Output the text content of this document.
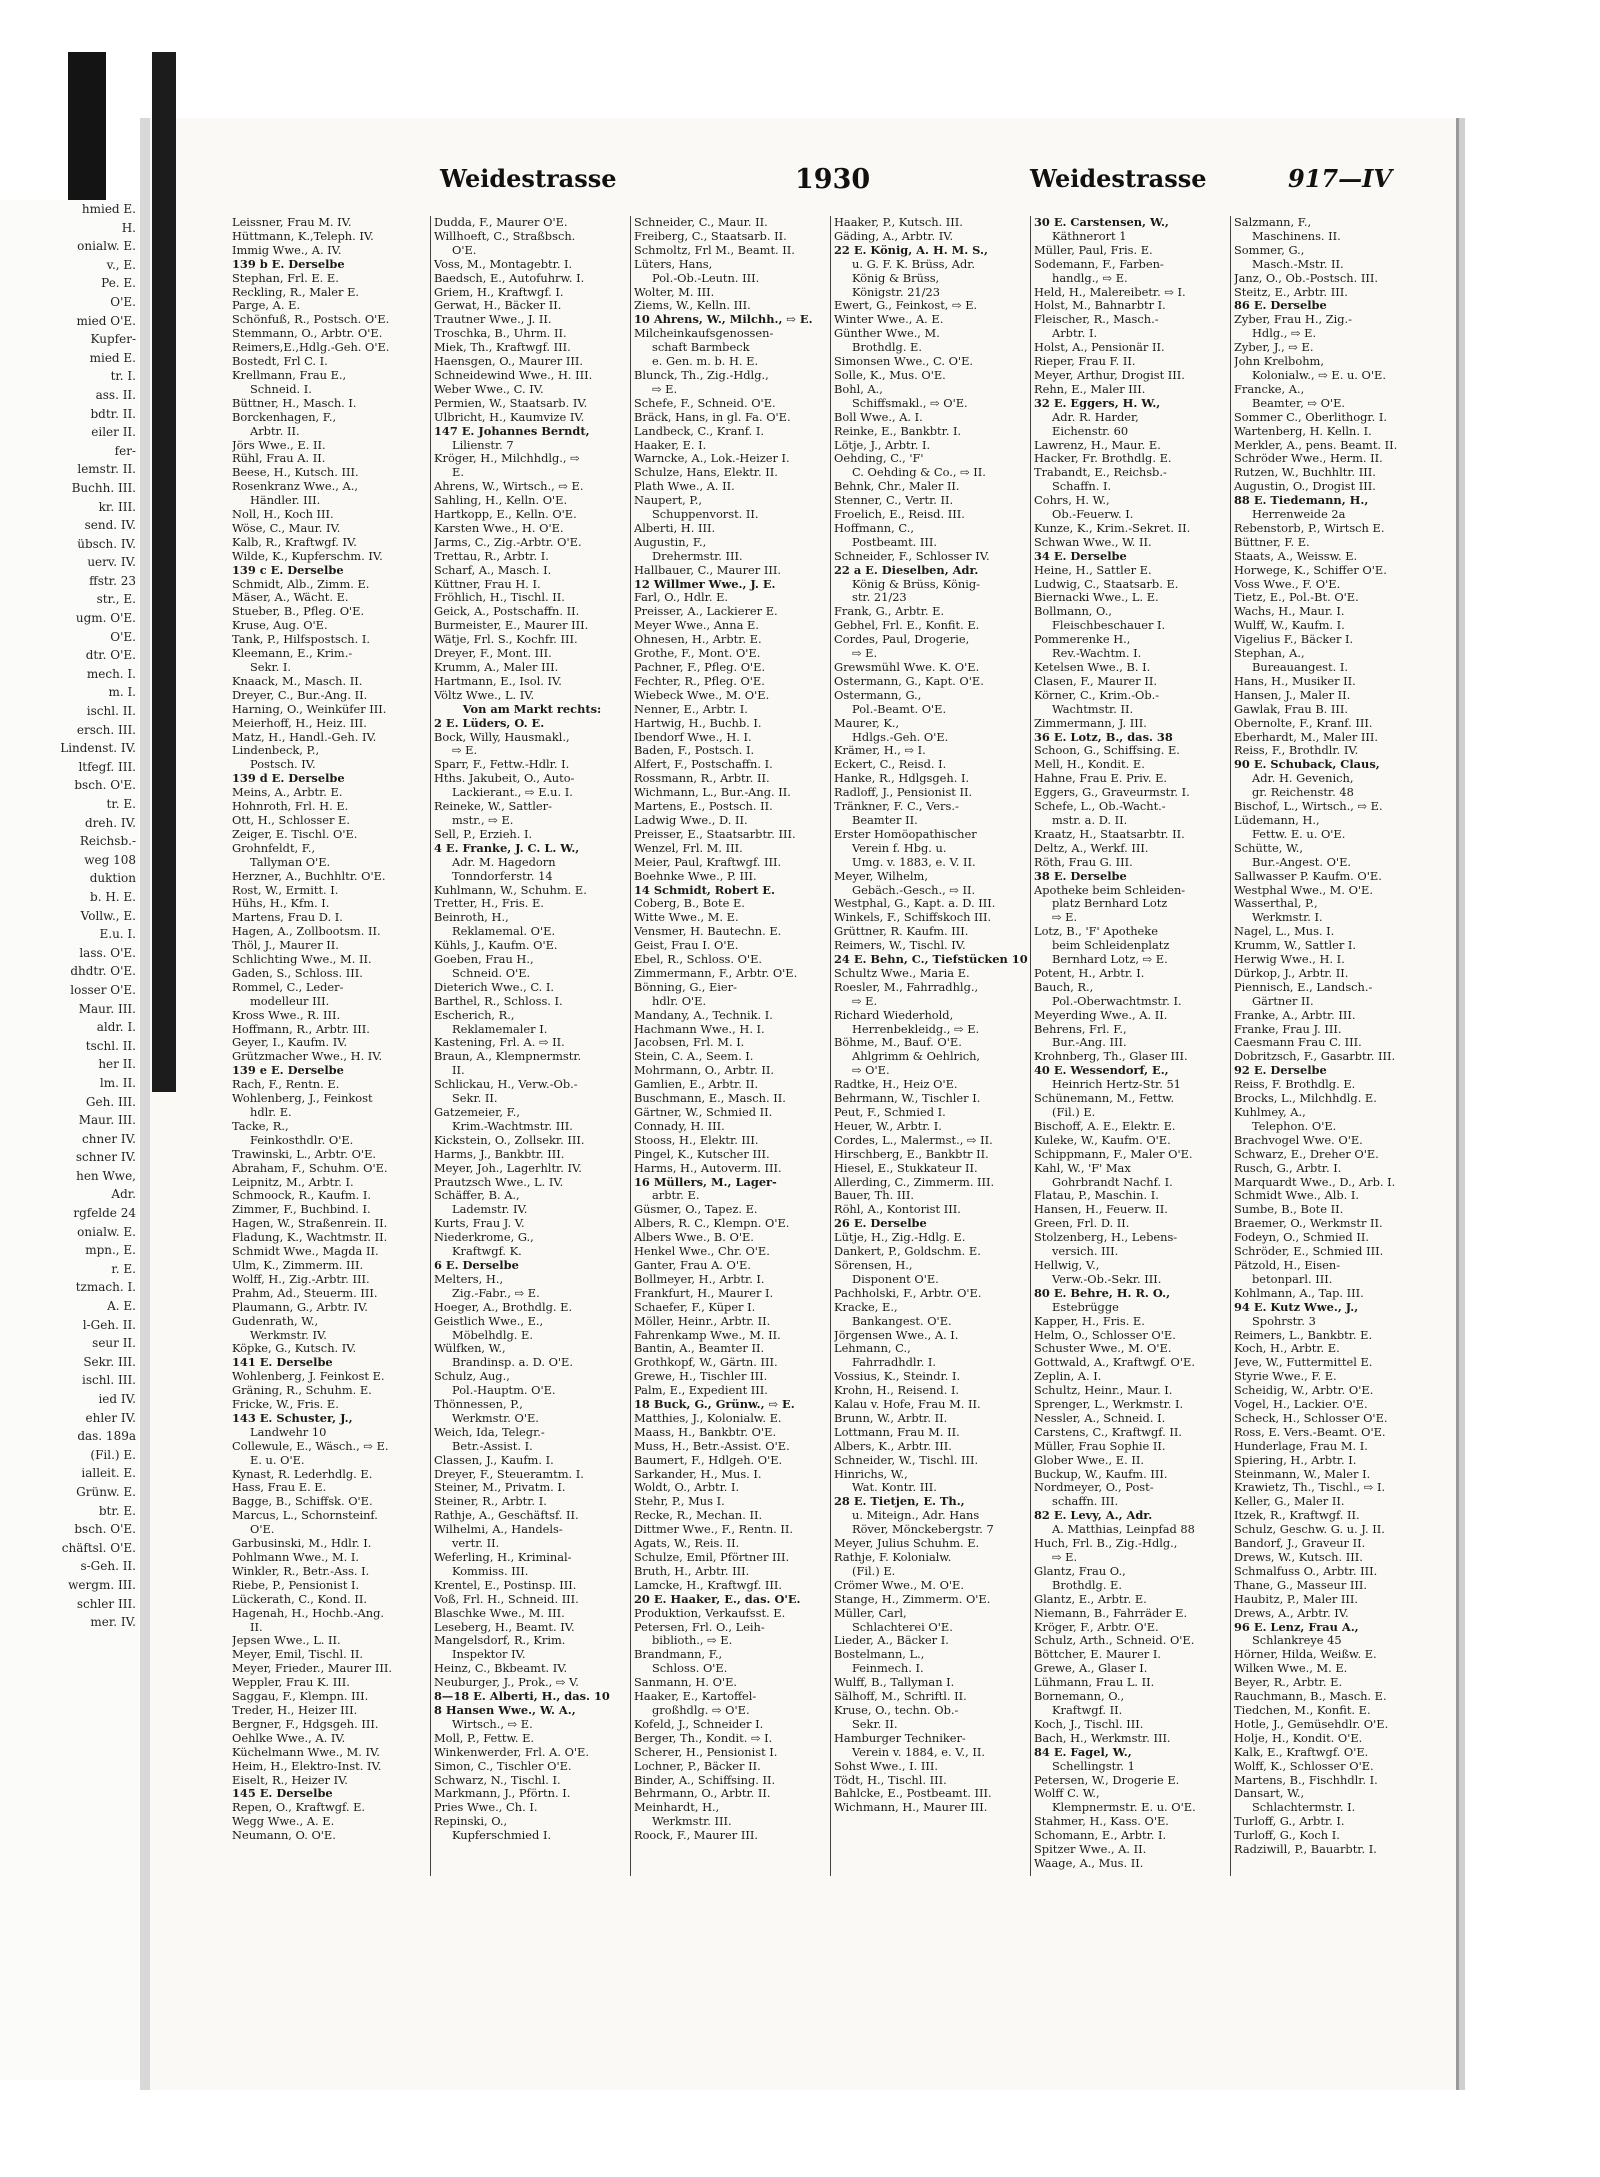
hmied E.
H.
onialw. E.
v., E.
Pe. E.
O'E.
mied O'E.
Kupfer-
mied E.
tr. I.
ass. II.
bdtr. II.
eiler II.
fer-
lemstr. II.
Buchh. III.
kr. III.
send. IV.
übsch. IV.
uerv. IV.
ffstr. 23
str., E.
ugm. O'E.
O'E.
dtr. O'E.
mech. I.
m. I.
ischl. II.
ersch. III.
Lindenst. IV.
ltfegf. III.
bsch. O'E.
tr. E.
dreh. IV.
Reichsb.-
weg 108
duktion
b. H. E.
Vollw., E.
E.u. I.
lass. O'E.
dhdtr. O'E.
losser O'E.
Maur. III.
aldr. I.
tschl. II.
her II.
lm. II.
Geh. III.
Maur. III.
chner IV.
schner IV.
hen Wwe,
Adr.
rgfelde 24
onialw. E.
mpn., E.
r. E.
tzmach. I.
A. E.
l-Geh. II.
seur II.
Sekr. III.
ischl. III.
ied IV.
ehler IV.
das. 189a
(Fil.) E.
ialleit. E.
Grünw. E.
btr. E.
bsch. O'E.
chäftsl. O'E.
s-Geh. II.
wergm. III.
schler III.
mer. IV.
Weidestrasse	1930	Weidestrasse	917—IV
Leissner, Frau M. IV.
Hüttmann, K.,Teleph. IV.
Immig Wwe., A. IV.
139 b E. Derselbe
Stephan, Frl. E. E.
Reckling, R., Maler E.
Parge, A. E.
Schönfuß, R., Postsch. O'E.
Stemmann, O., Arbtr. O'E.
Reimers,E.,Hdlg.-Geh. O'E.
Bostedt, Frl C. I.
Krellmann, Frau E.,
Schneid. I.
Büttner, H., Masch. I.
Borckenhagen, F.,
Arbtr. II.
Jörs Wwe., E. II.
Rühl, Frau A. II.
Beese, H., Kutsch. III.
Rosenkranz Wwe., A.,
Händler. III.
Noll, H., Koch III.
Wöse, C., Maur. IV.
Kalb, R., Kraftwgf. IV.
Wilde, K., Kupferschm. IV.
139 c E. Derselbe
Schmidt, Alb., Zimm. E.
Mäser, A., Wächt. E.
Stueber, B., Pfleg. O'E.
Kruse, Aug. O'E.
Tank, P., Hilfspostsch. I.
Kleemann, E., Krim.-
Sekr. I.
Knaack, M., Masch. II.
Dreyer, C., Bur.-Ang. II.
Harning, O., Weinküfer III.
Meierhoff, H., Heiz. III.
Matz, H., Handl.-Geh. IV.
Lindenbeck, P.,
Postsch. IV.
139 d E. Derselbe
Meins, A., Arbtr. E.
Hohnroth, Frl. H. E.
Ott, H., Schlosser E.
Zeiger, E. Tischl. O'E.
Grohnfeldt, F.,
Tallyman O'E.
Herzner, A., Buchhltr. O'E.
Rost, W., Ermitt. I.
Hühs, H., Kfm. I.
Martens, Frau D. I.
Hagen, A., Zollbootsm. II.
Thöl, J., Maurer II.
Schlichting Wwe., M. II.
Gaden, S., Schloss. III.
Rommel, C., Leder-
modelleur III.
Kross Wwe., R. III.
Hoffmann, R., Arbtr. III.
Geyer, I., Kaufm. IV.
Grützmacher Wwe., H. IV.
139 e E. Derselbe
Rach, F., Rentn. E.
Wohlenberg, J., Feinkost
hdlr. E.
Tacke, R.,
Feinkosthdlr. O'E.
Trawinski, L., Arbtr. O'E.
Abraham, F., Schuhm. O'E.
Leipnitz, M., Arbtr. I.
Schmoock, R., Kaufm. I.
Zimmer, F., Buchbind. I.
Hagen, W., Straßenrein. II.
Fladung, K., Wachtmstr. II.
Schmidt Wwe., Magda II.
Ulm, K., Zimmerm. III.
Wolff, H., Zig.-Arbtr. III.
Prahm, Ad., Steuerm. III.
Plaumann, G., Arbtr. IV.
Gudenrath, W.,
Werkmstr. IV.
Köpke, G., Kutsch. IV.
141 E. Derselbe
Wohlenberg, J. Feinkost E.
Gräning, R., Schuhm. E.
Fricke, W., Fris. E.
143 E. Schuster, J.,
Landwehr 10
Collewule, E., Wäsch., ⇨ E.
E. u. O'E.
Kynast, R. Lederhdlg. E.
Hass, Frau E. E.
Bagge, B., Schiffsk. O'E.
Marcus, L., Schornsteinf.
O'E.
Garbusinski, M., Hdlr. I.
Pohlmann Wwe., M. I.
Winkler, R., Betr.-Ass. I.
Riebe, P., Pensionist I.
Lückerath, C., Kond. II.
Hagenah, H., Hochb.-Ang.
II.
Jepsen Wwe., L. II.
Meyer, Emil, Tischl. II.
Meyer, Frieder., Maurer III.
Weppler, Frau K. III.
Saggau, F., Klempn. III.
Treder, H., Heizer III.
Bergner, F., Hdgsgeh. III.
Oehlke Wwe., A. IV.
Küchelmann Wwe., M. IV.
Heim, H., Elektro-Inst. IV.
Eiselt, R., Heizer IV.
145 E. Derselbe
Repen, O., Kraftwgf. E.
Wegg Wwe., A. E.
Neumann, O. O'E.
Dudda, F., Maurer O'E.
Willhoeft, C., Straßbsch.
O'E.
Voss, M., Montagebtr. I.
Baedsch, E., Autofuhrw. I.
Griem, H., Kraftwgf. I.
Gerwat, H., Bäcker II.
Trautner Wwe., J. II.
Troschka, B., Uhrm. II.
Miek, Th., Kraftwgf. III.
Haensgen, O., Maurer III.
Schneidewind Wwe., H. III.
Weber Wwe., C. IV.
Permien, W., Staatsarb. IV.
Ulbricht, H., Kaumvize IV.
147 E. Johannes Berndt,
Lilienstr. 7
Kröger, H., Milchhdlg., ⇨
E.
Ahrens, W., Wirtsch., ⇨ E.
Sahling, H., Kelln. O'E.
Hartkopp, E., Kelln. O'E.
Karsten Wwe., H. O'E.
Jarms, C., Zig.-Arbtr. O'E.
Trettau, R., Arbtr. I.
Scharf, A., Masch. I.
Küttner, Frau H. I.
Fröhlich, H., Tischl. II.
Geick, A., Postschaffn. II.
Burmeister, E., Maurer III.
Wätje, Frl. S., Kochfr. III.
Dreyer, F., Mont. III.
Krumm, A., Maler III.
Hartmann, E., Isol. IV.
Völtz Wwe., L. IV.
Von am Markt rechts:
2 E. Lüders, O. E.
Bock, Willy, Hausmakl.,
⇨ E.
Sparr, F., Fettw.-Hdlr. I.
Hths. Jakubeit, O., Auto-
Lackierant., ⇨ E.u. I.
Reineke, W., Sattler-
mstr., ⇨ E.
Sell, P., Erzieh. I.
4 E. Franke, J. C. L. W.,
Adr. M. Hagedorn
Tonndorferstr. 14
Kuhlmann, W., Schuhm. E.
Tretter, H., Fris. E.
Beinroth, H.,
Reklamemal. O'E.
Kühls, J., Kaufm. O'E.
Goeben, Frau H.,
Schneid. O'E.
Dieterich Wwe., C. I.
Barthel, R., Schloss. I.
Escherich, R.,
Reklamemaler I.
Kastening, Frl. A. ⇨ II.
Braun, A., Klempnermstr.
II.
Schlickau, H., Verw.-Ob.-
Sekr. II.
Gatzemeier, F.,
Krim.-Wachtmstr. III.
Kickstein, O., Zollsekr. III.
Harms, J., Bankbtr. III.
Meyer, Joh., Lagerhltr. IV.
Prautzsch Wwe., L. IV.
Schäffer, B. A.,
Lademstr. IV.
Kurts, Frau J. V.
Niederkrome, G.,
Kraftwgf. K.
6 E. Derselbe
Melters, H.,
Zig.-Fabr., ⇨ E.
Hoeger, A., Brothdlg. E.
Geistlich Wwe., E.,
Möbelhdlg. E.
Wülfken, W.,
Brandinsp. a. D. O'E.
Schulz, Aug.,
Pol.-Hauptm. O'E.
Thönnessen, P.,
Werkmstr. O'E.
Weich, Ida, Telegr.-
Betr.-Assist. I.
Classen, J., Kaufm. I.
Dreyer, F., Steueramtm. I.
Steiner, M., Privatm. I.
Steiner, R., Arbtr. I.
Rathje, A., Geschäftsf. II.
Wilhelmi, A., Handels-
vertr. II.
Weferling, H., Kriminal-
Kommiss. III.
Krentel, E., Postinsp. III.
Voß, Frl. H., Schneid. III.
Blaschke Wwe., M. III.
Leseberg, H., Beamt. IV.
Mangelsdorf, R., Krim.
Inspektor IV.
Heinz, C., Bkbeamt. IV.
Neuburger, J., Prok., ⇨ V.
8—18 E. Alberti, H., das. 10
8 Hansen Wwe., W. A.,
Wirtsch., ⇨ E.
Moll, P., Fettw. E.
Winkenwerder, Frl. A. O'E.
Simon, C., Tischler O'E.
Schwarz, N., Tischl. I.
Markmann, J., Pförtn. I.
Pries Wwe., Ch. I.
Repinski, O.,
Kupferschmied I.
Schneider, C., Maur. II.
Freiberg, C., Staatsarb. II.
Schmoltz, Frl M., Beamt. II.
Lüters, Hans,
Pol.-Ob.-Leutn. III.
Wolter, M. III.
Ziems, W., Kelln. III.
10 Ahrens, W., Milchh., ⇨ E.
Milcheinkaufsgenossen-
schaft Barmbeck
e. Gen. m. b. H. E.
Blunck, Th., Zig.-Hdlg.,
⇨ E.
Schefe, F., Schneid. O'E.
Bräck, Hans, in gl. Fa. O'E.
Landbeck, C., Kranf. I.
Haaker, E. I.
Warncke, A., Lok.-Heizer I.
Schulze, Hans, Elektr. II.
Plath Wwe., A. II.
Naupert, P.,
Schuppenvorst. II.
Alberti, H. III.
Augustin, F.,
Drehermstr. III.
Hallbauer, C., Maurer III.
12 Willmer Wwe., J. E.
Farl, O., Hdlr. E.
Preisser, A., Lackierer E.
Meyer Wwe., Anna E.
Ohnesen, H., Arbtr. E.
Grothe, F., Mont. O'E.
Pachner, F., Pfleg. O'E.
Fechter, R., Pfleg. O'E.
Wiebeck Wwe., M. O'E.
Nenner, E., Arbtr. I.
Hartwig, H., Buchb. I.
Ibendorf Wwe., H. I.
Baden, F., Postsch. I.
Alfert, F., Postschaffn. I.
Rossmann, R., Arbtr. II.
Wichmann, L., Bur.-Ang. II.
Martens, E., Postsch. II.
Ladwig Wwe., D. II.
Preisser, E., Staatsarbtr. III.
Wenzel, Frl. M. III.
Meier, Paul, Kraftwgf. III.
Boehnke Wwe., P. III.
14 Schmidt, Robert E.
Coberg, B., Bote E.
Witte Wwe., M. E.
Vensmer, H. Bautechn. E.
Geist, Frau I. O'E.
Ebel, R., Schloss. O'E.
Zimmermann, F., Arbtr. O'E.
Bönning, G., Eier-
hdlr. O'E.
Mandany, A., Technik. I.
Hachmann Wwe., H. I.
Jacobsen, Frl. M. I.
Stein, C. A., Seem. I.
Mohrmann, O., Arbtr. II.
Gamlien, E., Arbtr. II.
Buschmann, E., Masch. II.
Gärtner, W., Schmied II.
Connady, H. III.
Stooss, H., Elektr. III.
Pingel, K., Kutscher III.
Harms, H., Autoverm. III.
16 Müllers, M., Lager-
arbtr. E.
Güsmer, O., Tapez. E.
Albers, R. C., Klempn. O'E.
Albers Wwe., B. O'E.
Henkel Wwe., Chr. O'E.
Ganter, Frau A. O'E.
Bollmeyer, H., Arbtr. I.
Frankfurt, H., Maurer I.
Schaefer, F., Küper I.
Möller, Heinr., Arbtr. II.
Fahrenkamp Wwe., M. II.
Bantin, A., Beamter II.
Grothkopf, W., Gärtn. III.
Grewe, H., Tischler III.
Palm, E., Expedient III.
18 Buck, G., Grünw., ⇨ E.
Matthies, J., Kolonialw. E.
Maass, H., Bankbtr. O'E.
Muss, H., Betr.-Assist. O'E.
Baumert, F., Hdlgeh. O'E.
Sarkander, H., Mus. I.
Woldt, O., Arbtr. I.
Stehr, P., Mus I.
Recke, R., Mechan. II.
Dittmer Wwe., F., Rentn. II.
Agats, W., Reis. II.
Schulze, Emil, Pförtner III.
Bruth, H., Arbtr. III.
Lamcke, H., Kraftwgf. III.
20 E. Haaker, E., das. O'E.
Produktion, Verkaufsst. E.
Petersen, Frl. O., Leih-
biblioth., ⇨ E.
Brandmann, F.,
Schloss. O'E.
Sanmann, H. O'E.
Haaker, E., Kartoffel-
großhdlg. ⇨ O'E.
Kofeld, J., Schneider I.
Berger, Th., Kondit. ⇨ I.
Scherer, H., Pensionist I.
Lochner, P., Bäcker II.
Binder, A., Schiffsing. II.
Behrmann, O., Arbtr. II.
Meinhardt, H.,
Werkmstr. III.
Roock, F., Maurer III.
Haaker, P., Kutsch. III.
Gäding, A., Arbtr. IV.
22 E. König, A. H. M. S.,
u. G. F. K. Brüss, Adr.
König & Brüss,
Königstr. 21/23
Ewert, G., Feinkost, ⇨ E.
Winter Wwe., A. E.
Günther Wwe., M.
Brothdlg. E.
Simonsen Wwe., C. O'E.
Solle, K., Mus. O'E.
Bohl, A.,
Schiffsmakl., ⇨ O'E.
Boll Wwe., A. I.
Reinke, E., Bankbtr. I.
Lötje, J., Arbtr. I.
Oehding, C., 'F'
C. Oehding & Co., ⇨ II.
Behnk, Chr., Maler II.
Stenner, C., Vertr. II.
Froelich, E., Reisd. III.
Hoffmann, C.,
Postbeamt. III.
Schneider, F., Schlosser IV.
22 a E. Dieselben, Adr.
König & Brüss, König-
str. 21/23
Frank, G., Arbtr. E.
Gebhel, Frl. E., Konfit. E.
Cordes, Paul, Drogerie,
⇨ E.
Grewsmühl Wwe. K. O'E.
Ostermann, G., Kapt. O'E.
Ostermann, G.,
Pol.-Beamt. O'E.
Maurer, K.,
Hdlgs.-Geh. O'E.
Krämer, H., ⇨ I.
Eckert, C., Reisd. I.
Hanke, R., Hdlgsgeh. I.
Radloff, J., Pensionist II.
Tränkner, F. C., Vers.-
Beamter II.
Erster Homöopathischer
Verein f. Hbg. u.
Umg. v. 1883, e. V. II.
Meyer, Wilhelm,
Gebäch.-Gesch., ⇨ II.
Westphal, G., Kapt. a. D. III.
Winkels, F., Schiffskoch III.
Grüttner, R. Kaufm. III.
Reimers, W., Tischl. IV.
24 E. Behn, C., Tiefstücken 10
Schultz Wwe., Maria E.
Roesler, M., Fahrradhlg.,
⇨ E.
Richard Wiederhold,
Herrenbekleidg., ⇨ E.
Böhme, M., Bauf. O'E.
Ahlgrimm & Oehlrich,
⇨ O'E.
Radtke, H., Heiz O'E.
Behrmann, W., Tischler I.
Peut, F., Schmied I.
Heuer, W., Arbtr. I.
Cordes, L., Malermst., ⇨ II.
Hirschberg, E., Bankbtr II.
Hiesel, E., Stukkateur II.
Allerding, C., Zimmerm. III.
Bauer, Th. III.
Röhl, A., Kontorist III.
26 E. Derselbe
Lütje, H., Zig.-Hdlg. E.
Dankert, P., Goldschm. E.
Sörensen, H.,
Disponent O'E.
Pachholski, F., Arbtr. O'E.
Kracke, E.,
Bankangest. O'E.
Jörgensen Wwe., A. I.
Lehmann, C.,
Fahrradhdlr. I.
Vossius, K., Steindr. I.
Krohn, H., Reisend. I.
Kalau v. Hofe, Frau M. II.
Brunn, W., Arbtr. II.
Lottmann, Frau M. II.
Albers, K., Arbtr. III.
Schneider, W., Tischl. III.
Hinrichs, W.,
Wat. Kontr. III.
28 E. Tietjen, E. Th.,
u. Miteign., Adr. Hans
Röver, Mönckebergstr. 7
Meyer, Julius Schuhm. E.
Rathje, F. Kolonialw.
(Fil.) E.
Crömer Wwe., M. O'E.
Stange, H., Zimmerm. O'E.
Müller, Carl,
Schlachterei O'E.
Lieder, A., Bäcker I.
Bostelmann, L.,
Feinmech. I.
Wulff, B., Tallyman I.
Sälhoff, M., Schriftl. II.
Kruse, O., techn. Ob.-
Sekr. II.
Hamburger Techniker-
Verein v. 1884, e. V., II.
Sohst Wwe., I. III.
Tödt, H., Tischl. III.
Bahlcke, E., Postbeamt. III.
Wichmann, H., Maurer III.
30 E. Carstensen, W.,
Käthnerort 1
Müller, Paul, Fris. E.
Sodemann, F., Farben-
handlg., ⇨ E.
Held, H., Malereibetr. ⇨ I.
Holst, M., Bahnarbtr I.
Fleischer, R., Masch.-
Arbtr. I.
Holst, A., Pensionär II.
Rieper, Frau F. II.
Meyer, Arthur, Drogist III.
Rehn, E., Maler III.
32 E. Eggers, H. W.,
Adr. R. Harder,
Eichenstr. 60
Lawrenz, H., Maur. E.
Hacker, Fr. Brothdlg. E.
Trabandt, E., Reichsb.-
Schaffn. I.
Cohrs, H. W.,
Ob.-Feuerw. I.
Kunze, K., Krim.-Sekret. II.
Schwan Wwe., W. II.
34 E. Derselbe
Heine, H., Sattler E.
Ludwig, C., Staatsarb. E.
Biernacki Wwe., L. E.
Bollmann, O.,
Fleischbeschauer I.
Pommerenke H.,
Rev.-Wachtm. I.
Ketelsen Wwe., B. I.
Clasen, F., Maurer II.
Körner, C., Krim.-Ob.-
Wachtmstr. II.
Zimmermann, J. III.
36 E. Lotz, B., das. 38
Schoon, G., Schiffsing. E.
Mell, H., Kondit. E.
Hahne, Frau E. Priv. E.
Eggers, G., Graveurmstr. I.
Schefe, L., Ob.-Wacht.-
mstr. a. D. II.
Kraatz, H., Staatsarbtr. II.
Deltz, A., Werkf. III.
Röth, Frau G. III.
38 E. Derselbe
Apotheke beim Schleiden-
platz Bernhard Lotz
⇨ E.
Lotz, B., 'F' Apotheke
beim Schleidenplatz
Bernhard Lotz, ⇨ E.
Potent, H., Arbtr. I.
Bauch, R.,
Pol.-Oberwachtmstr. I.
Meyerding Wwe., A. II.
Behrens, Frl. F.,
Bur.-Ang. III.
Krohnberg, Th., Glaser III.
40 E. Wessendorf, E.,
Heinrich Hertz-Str. 51
Schünemann, M., Fettw.
(Fil.) E.
Bischoff, A. E., Elektr. E.
Kuleke, W., Kaufm. O'E.
Schippmann, F., Maler O'E.
Kahl, W., 'F' Max
Gohrbrandt Nachf. I.
Flatau, P., Maschin. I.
Hansen, H., Feuerw. II.
Green, Frl. D. II.
Stolzenberg, H., Lebens-
versich. III.
Hellwig, V.,
Verw.-Ob.-Sekr. III.
80 E. Behre, H. R. O.,
Estebrügge
Kapper, H., Fris. E.
Helm, O., Schlosser O'E.
Schuster Wwe., M. O'E.
Gottwald, A., Kraftwgf. O'E.
Zeplin, A. I.
Schultz, Heinr., Maur. I.
Sprenger, L., Werkmstr. I.
Nessler, A., Schneid. I.
Carstens, C., Kraftwgf. II.
Müller, Frau Sophie II.
Glober Wwe., E. II.
Buckup, W., Kaufm. III.
Nordmeyer, O., Post-
schaffn. III.
82 E. Levy, A., Adr.
A. Matthias, Leinpfad 88
Huch, Frl. B., Zig.-Hdlg.,
⇨ E.
Glantz, Frau O.,
Brothdlg. E.
Glantz, E., Arbtr. E.
Niemann, B., Fahrräder E.
Kröger, F., Arbtr. O'E.
Schulz, Arth., Schneid. O'E.
Böttcher, E. Maurer I.
Grewe, A., Glaser I.
Lühmann, Frau L. II.
Bornemann, O.,
Kraftwgf. II.
Koch, J., Tischl. III.
Bach, H., Werkmstr. III.
84 E. Fagel, W.,
Schellingstr. 1
Petersen, W., Drogerie E.
Wolff C. W.,
Klempnermstr. E. u. O'E.
Stahmer, H., Kass. O'E.
Schomann, E., Arbtr. I.
Spitzer Wwe., A. II.
Waage, A., Mus. II.
Salzmann, F.,
Maschinens. II.
Sommer, G.,
Masch.-Mstr. II.
Janz, O., Ob.-Postsch. III.
Steitz, E., Arbtr. III.
86 E. Derselbe
Zyber, Frau H., Zig.-
Hdlg., ⇨ E.
Zyber, J., ⇨ E.
John Krelbohm,
Kolonialw., ⇨ E. u. O'E.
Francke, A.,
Beamter, ⇨ O'E.
Sommer C., Oberlithogr. I.
Wartenberg, H. Kelln. I.
Merkler, A., pens. Beamt. II.
Schröder Wwe., Herm. II.
Rutzen, W., Buchhltr. III.
Augustin, O., Drogist III.
88 E. Tiedemann, H.,
Herrenweide 2a
Rebenstorb, P., Wirtsch E.
Büttner, F. E.
Staats, A., Weissw. E.
Horwege, K., Schiffer O'E.
Voss Wwe., F. O'E.
Tietz, E., Pol.-Bt. O'E.
Wachs, H., Maur. I.
Wulff, W., Kaufm. I.
Vigelius F., Bäcker I.
Stephan, A.,
Bureauangest. I.
Hans, H., Musiker II.
Hansen, J., Maler II.
Gawlak, Frau B. III.
Obernolte, F., Kranf. III.
Eberhardt, M., Maler III.
Reiss, F., Brothdlr. IV.
90 E. Schuback, Claus,
Adr. H. Gevenich,
gr. Reichenstr. 48
Bischof, L., Wirtsch., ⇨ E.
Lüdemann, H.,
Fettw. E. u. O'E.
Schütte, W.,
Bur.-Angest. O'E.
Sallwasser P. Kaufm. O'E.
Westphal Wwe., M. O'E.
Wasserthal, P.,
Werkmstr. I.
Nagel, L., Mus. I.
Krumm, W., Sattler I.
Herwig Wwe., H. I.
Dürkop, J., Arbtr. II.
Piennisch, E., Landsch.-
Gärtner II.
Franke, A., Arbtr. III.
Franke, Frau J. III.
Caesmann Frau C. III.
Dobritzsch, F., Gasarbtr. III.
92 E. Derselbe
Reiss, F. Brothdlg. E.
Brocks, L., Milchhdlg. E.
Kuhlmey, A.,
Telephon. O'E.
Brachvogel Wwe. O'E.
Schwarz, E., Dreher O'E.
Rusch, G., Arbtr. I.
Marquardt Wwe., D., Arb. I.
Schmidt Wwe., Alb. I.
Sumbe, B., Bote II.
Braemer, O., Werkmstr II.
Fodeyn, O., Schmied II.
Schröder, E., Schmied III.
Pätzold, H., Eisen-
betonparl. III.
Kohlmann, A., Tap. III.
94 E. Kutz Wwe., J.,
Spohrstr. 3
Reimers, L., Bankbtr. E.
Koch, H., Arbtr. E.
Jeve, W., Futtermittel E.
Styrie Wwe., F. E.
Scheidig, W., Arbtr. O'E.
Vogel, H., Lackier. O'E.
Scheck, H., Schlosser O'E.
Ross, E. Vers.-Beamt. O'E.
Hunderlage, Frau M. I.
Spiering, H., Arbtr. I.
Steinmann, W., Maler I.
Krawietz, Th., Tischl., ⇨ I.
Keller, G., Maler II.
Itzek, R., Kraftwgf. II.
Schulz, Geschw. G. u. J. II.
Bandorf, J., Graveur II.
Drews, W., Kutsch. III.
Schmalfuss O., Arbtr. III.
Thane, G., Masseur III.
Haubitz, P., Maler III.
Drews, A., Arbtr. IV.
96 E. Lenz, Frau A.,
Schlankreye 45
Hörner, Hilda, Weißw. E.
Wilken Wwe., M. E.
Beyer, R., Arbtr. E.
Rauchmann, B., Masch. E.
Tiedchen, M., Konfit. E.
Hotle, J., Gemüsehdlr. O'E.
Holje, H., Kondit. O'E.
Kalk, E., Kraftwgf. O'E.
Wolff, K., Schlosser O'E.
Martens, B., Fischhdlr. I.
Dansart, W.,
Schlachtermstr. I.
Turloff, G., Arbtr. I.
Turloff, G., Koch I.
Radziwill, P., Bauarbtr. I.
